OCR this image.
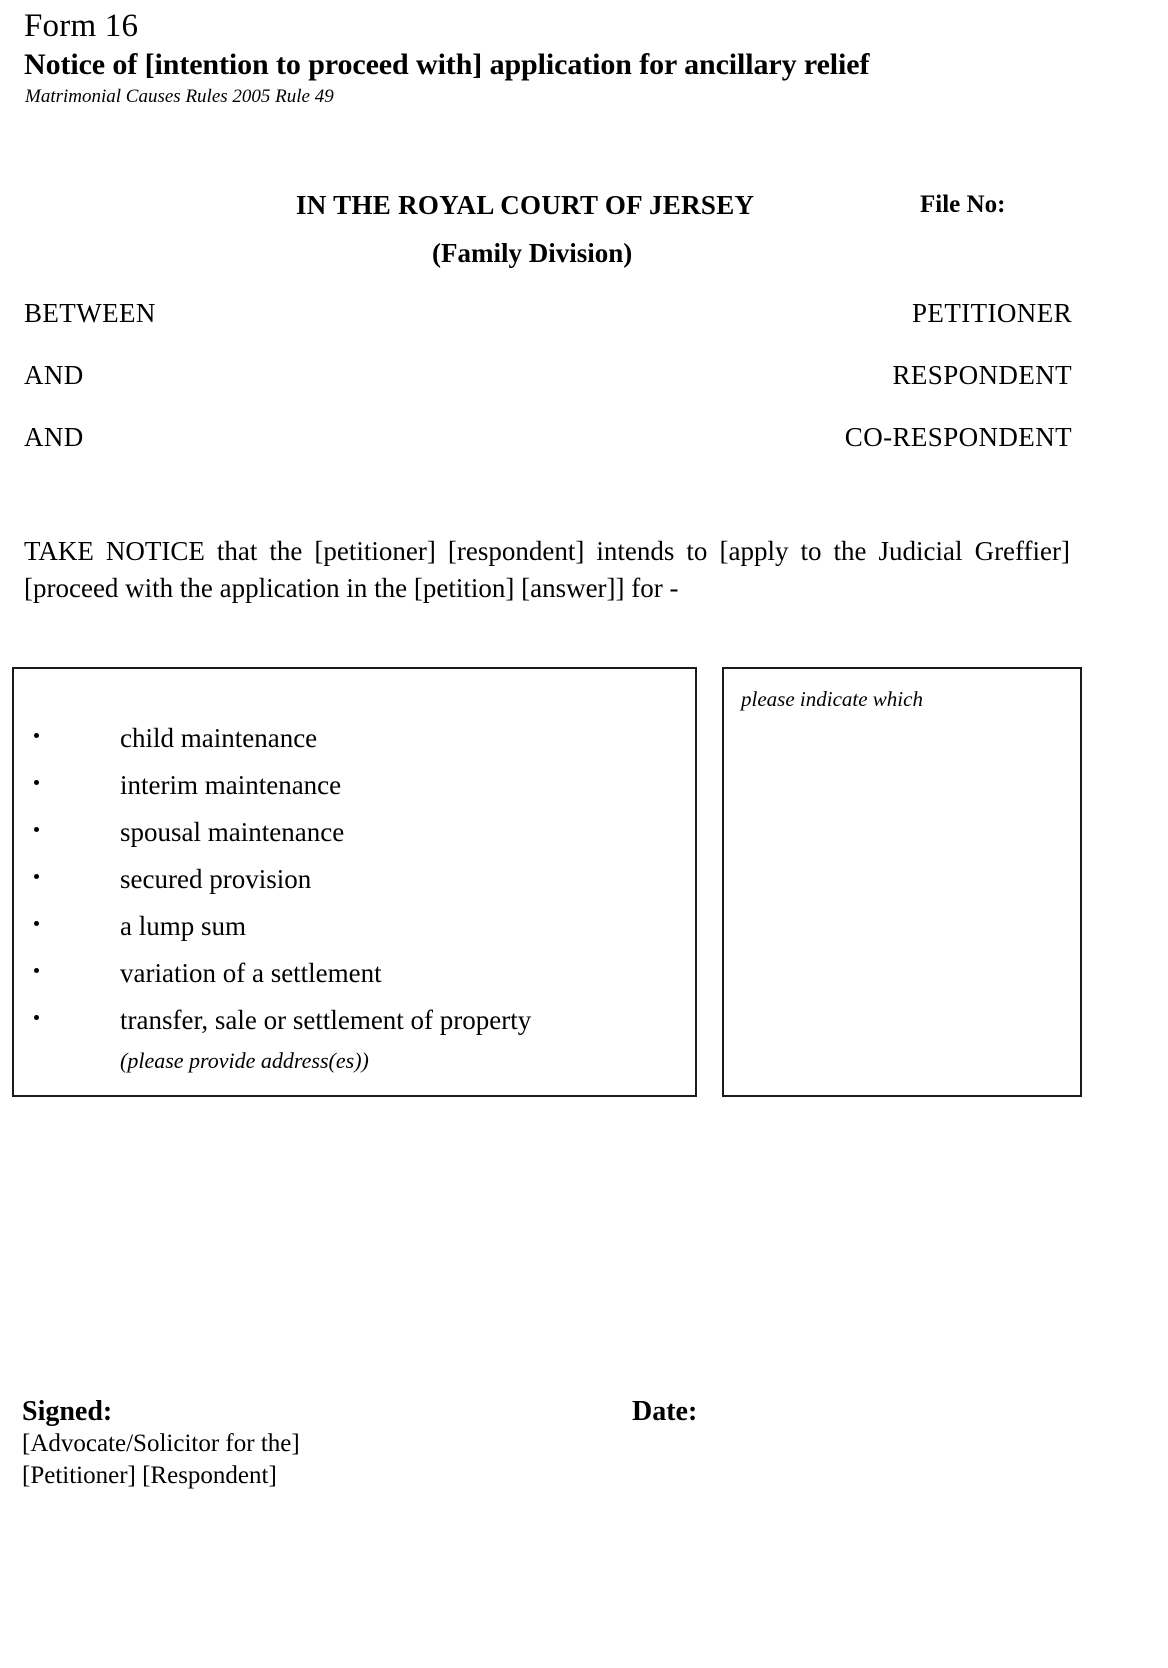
Form 16
Notice of [intention to proceed with] application for ancillary relief
Matrimonial Causes Rules 2005 Rule 49
IN THE ROYAL COURT OF JERSEY	File No:
(Family Division)
BETWEEN	PETITIONER
AND	RESPONDENT
AND	CO-RESPONDENT
TAKE NOTICE that the [petitioner] [respondent] intends to [apply to the Judicial Greffier] [proceed with the application in the [petition] [answer]] for -
child maintenance
interim maintenance
spousal maintenance
secured provision
a lump sum
variation of a settlement
transfer, sale or settlement of property
(please provide address(es))
please indicate which
Signed:	Date:
[Advocate/Solicitor for the]
[Petitioner] [Respondent]
